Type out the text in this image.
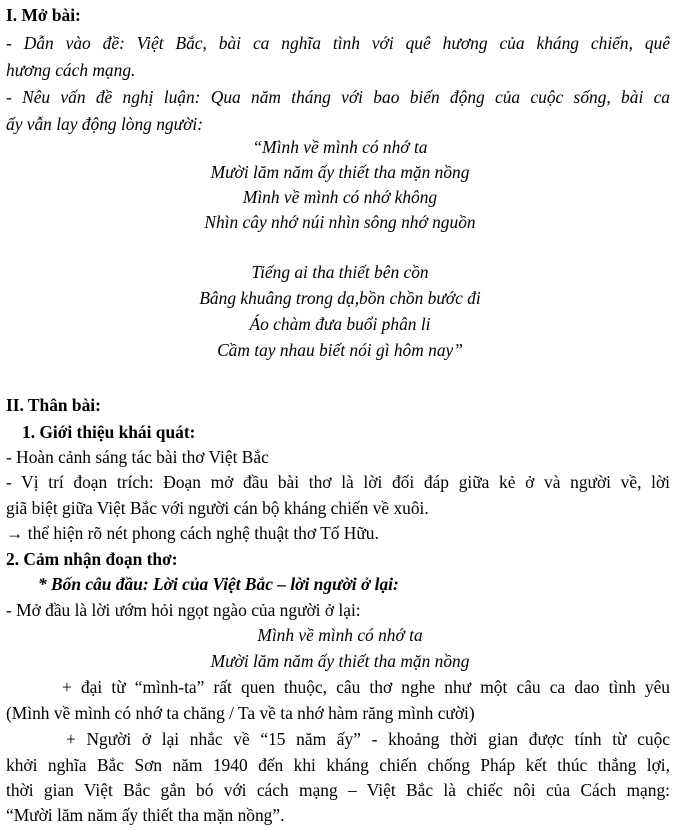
I. Mở bài:
- Dẫn vào đề: Việt Bắc, bài ca nghĩa tình với quê hương của kháng chiến, quê
hương cách mạng.
- Nêu vấn đề nghị luận: Qua năm tháng với bao biến động của cuộc sống, bài ca
ấy vẫn lay động lòng người:
“Mình về mình có nhớ ta
Mười lăm năm ấy thiết tha mặn nồng
Mình về mình có nhớ không
Nhìn cây nhớ núi nhìn sông nhớ nguồn
Tiếng ai tha thiết bên cồn
Bâng khuâng trong dạ,bồn chồn bước đi
Áo chàm đưa buổi phân li
Cầm tay nhau biết nói gì hôm nay”
II. Thân bài:
1. Giới thiệu khái quát:
- Hoàn cảnh sáng tác bài thơ Việt Bắc
- Vị trí đoạn trích: Đoạn mở đầu bài thơ là lời đối đáp giữa kẻ ở và người về, lời
giã biệt giữa Việt Bắc với người cán bộ kháng chiến về xuôi.
→ thể hiện rõ nét phong cách nghệ thuật thơ Tố Hữu.
2. Cảm nhận đoạn thơ:
* Bốn câu đầu: Lời của Việt Bắc – lời người ở lại:
- Mở đầu là lời ướm hỏi ngọt ngào của người ở lại:
Mình về mình có nhớ ta
Mười lăm năm ấy thiết tha mặn nồng
+ đại từ “mình-ta” rất quen thuộc, câu thơ nghe như một câu ca dao tình yêu
(Mình về mình có nhớ ta chăng / Ta về ta nhớ hàm răng mình cười)
+ Người ở lại nhắc về “15 năm ấy” - khoảng thời gian được tính từ cuộc
khởi nghĩa Bắc Sơn năm 1940 đến khi kháng chiến chống Pháp kết thúc thắng lợi,
thời gian Việt Bắc gắn bó với cách mạng – Việt Bắc là chiếc nôi của Cách mạng:
“Mười lăm năm ấy thiết tha mặn nồng”.
